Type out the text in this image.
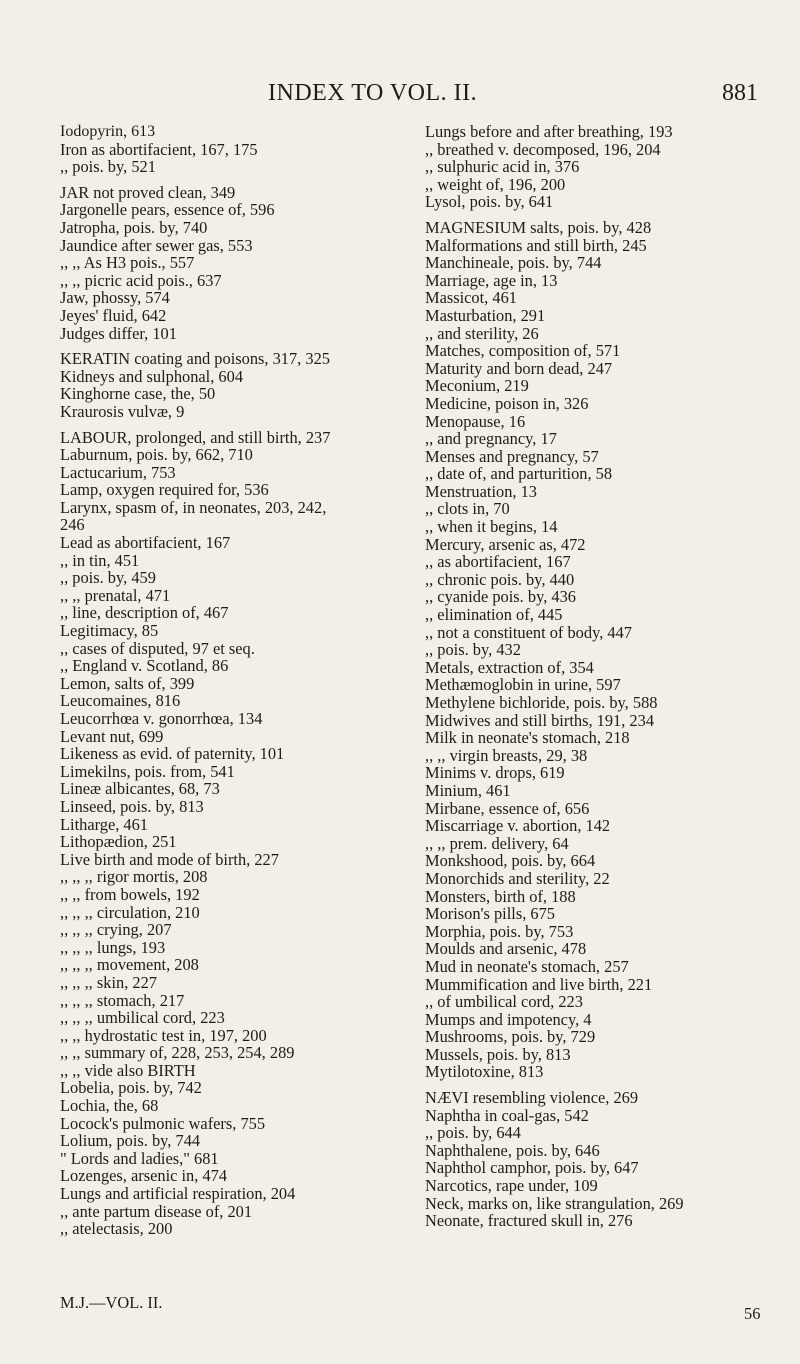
INDEX TO VOL. II.	881
Iodopyrin, 613
Iron as abortifacient, 167, 175
,, pois. by, 521
JAR not proved clean, 349
Jargonelle pears, essence of, 596
Jatropha, pois. by, 740
Jaundice after sewer gas, 553
,, ,, As H3 pois., 557
,, ,, picric acid pois., 637
Jaw, phossy, 574
Jeyes' fluid, 642
Judges differ, 101
KERATIN coating and poisons, 317, 325
Kidneys and sulphonal, 604
Kinghorne case, the, 50
Kraurosis vulvæ, 9
LABOUR, prolonged, and still birth, 237
Laburnum, pois. by, 662, 710
Lactucarium, 753
Lamp, oxygen required for, 536
Larynx, spasm of, in neonates, 203, 242,
246
Lead as abortifacient, 167
,, in tin, 451
,, pois. by, 459
,, ,, prenatal, 471
,, line, description of, 467
Legitimacy, 85
,, cases of disputed, 97 et seq.
,, England v. Scotland, 86
Lemon, salts of, 399
Leucomaines, 816
Leucorrhœa v. gonorrhœa, 134
Levant nut, 699
Likeness as evid. of paternity, 101
Limekilns, pois. from, 541
Lineæ albicantes, 68, 73
Linseed, pois. by, 813
Litharge, 461
Lithopædion, 251
Live birth and mode of birth, 227
,, ,, ,, rigor mortis, 208
,, ,, from bowels, 192
,, ,, ,, circulation, 210
,, ,, ,, crying, 207
,, ,, ,, lungs, 193
,, ,, ,, movement, 208
,, ,, ,, skin, 227
,, ,, ,, stomach, 217
,, ,, ,, umbilical cord, 223
,, ,, hydrostatic test in, 197, 200
,, ,, summary of, 228, 253, 254, 289
,, ,, vide also BIRTH
Lobelia, pois. by, 742
Lochia, the, 68
Locock's pulmonic wafers, 755
Lolium, pois. by, 744
" Lords and ladies," 681
Lozenges, arsenic in, 474
Lungs and artificial respiration, 204
,, ante partum disease of, 201
,, atelectasis, 200
Lungs before and after breathing, 193
,, breathed v. decomposed, 196, 204
,, sulphuric acid in, 376
,, weight of, 196, 200
Lysol, pois. by, 641
MAGNESIUM salts, pois. by, 428
Malformations and still birth, 245
Manchineale, pois. by, 744
Marriage, age in, 13
Massicot, 461
Masturbation, 291
,, and sterility, 26
Matches, composition of, 571
Maturity and born dead, 247
Meconium, 219
Medicine, poison in, 326
Menopause, 16
,, and pregnancy, 17
Menses and pregnancy, 57
,, date of, and parturition, 58
Menstruation, 13
,, clots in, 70
,, when it begins, 14
Mercury, arsenic as, 472
,, as abortifacient, 167
,, chronic pois. by, 440
,, cyanide pois. by, 436
,, elimination of, 445
,, not a constituent of body, 447
,, pois. by, 432
Metals, extraction of, 354
Methæmoglobin in urine, 597
Methylene bichloride, pois. by, 588
Midwives and still births, 191, 234
Milk in neonate's stomach, 218
,, ,, virgin breasts, 29, 38
Minims v. drops, 619
Minium, 461
Mirbane, essence of, 656
Miscarriage v. abortion, 142
,, ,, prem. delivery, 64
Monkshood, pois. by, 664
Monorchids and sterility, 22
Monsters, birth of, 188
Morison's pills, 675
Morphia, pois. by, 753
Moulds and arsenic, 478
Mud in neonate's stomach, 257
Mummification and live birth, 221
,, of umbilical cord, 223
Mumps and impotency, 4
Mushrooms, pois. by, 729
Mussels, pois. by, 813
Mytilotoxine, 813
NÆVI resembling violence, 269
Naphtha in coal-gas, 542
,, pois. by, 644
Naphthalene, pois. by, 646
Naphthol camphor, pois. by, 647
Narcotics, rape under, 109
Neck, marks on, like strangulation, 269
Neonate, fractured skull in, 276
M.J.—VOL. II.
56
